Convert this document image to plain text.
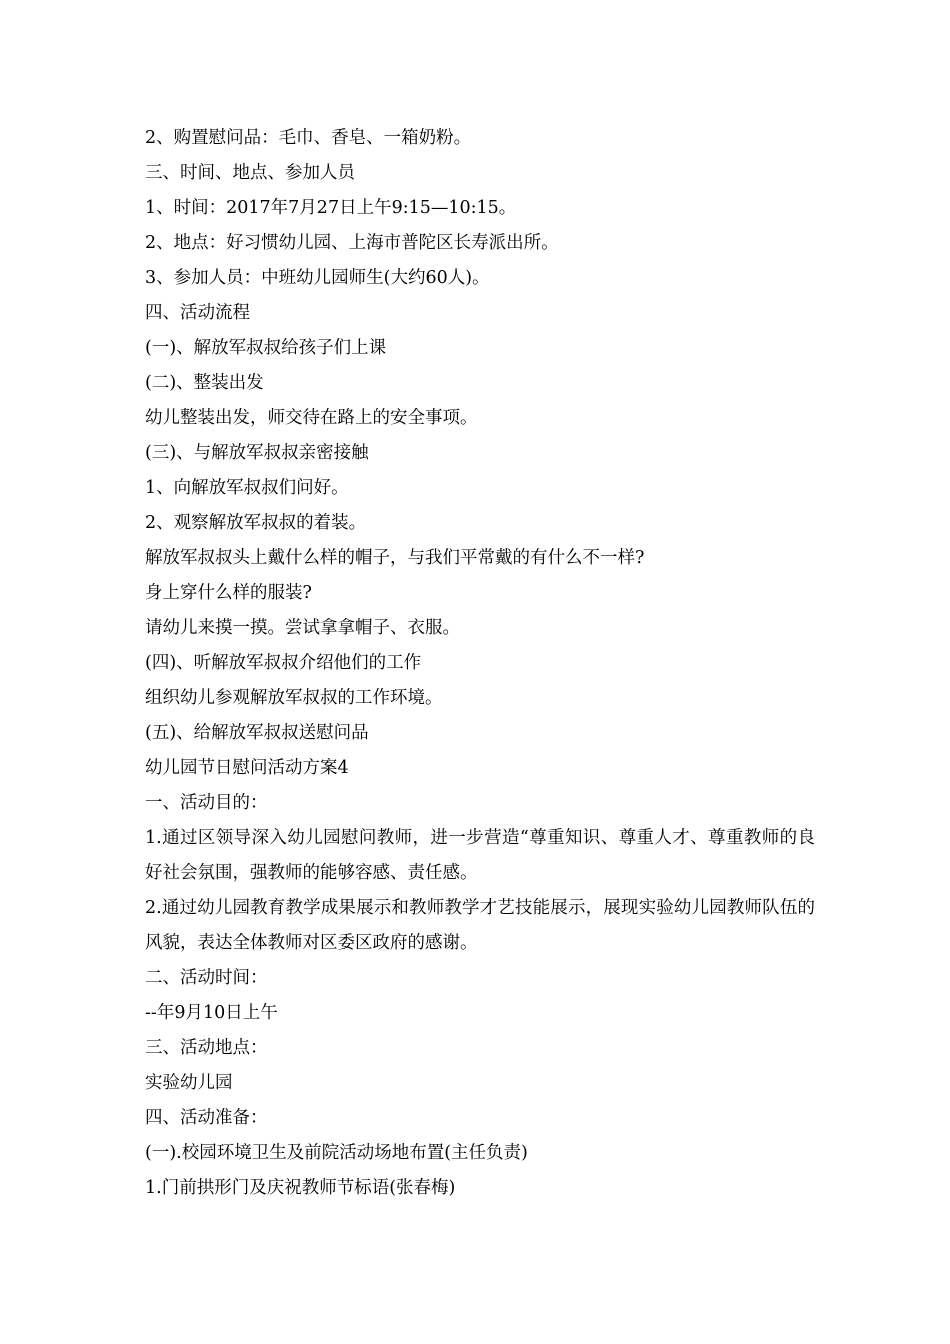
2、购置慰问品：毛巾、香皂、一箱奶粉。
三、时间、地点、参加人员
1、时间：2017年7月27日上午9:15—10:15。
2、地点：好习惯幼儿园、上海市普陀区长寿派出所。
3、参加人员：中班幼儿园师生(大约60人)。
四、活动流程
(一)、解放军叔叔给孩子们上课
(二)、整装出发
幼儿整装出发，师交待在路上的安全事项。
(三)、与解放军叔叔亲密接触
1、向解放军叔叔们问好。
2、观察解放军叔叔的着装。
解放军叔叔头上戴什么样的帽子，与我们平常戴的有什么不一样?
身上穿什么样的服装?
请幼儿来摸一摸。尝试拿拿帽子、衣服。
(四)、听解放军叔叔介绍他们的工作
组织幼儿参观解放军叔叔的工作环境。
(五)、给解放军叔叔送慰问品
幼儿园节日慰问活动方案4
一、活动目的：
1.通过区领导深入幼儿园慰问教师，进一步营造“尊重知识、尊重人才、尊重教师的良好社会氛围，强教师的能够容感、责任感。
2.通过幼儿园教育教学成果展示和教师教学才艺技能展示，展现实验幼儿园教师队伍的风貌，表达全体教师对区委区政府的感谢。
二、活动时间：
--年9月10日上午
三、活动地点：
实验幼儿园
四、活动准备：
(一).校园环境卫生及前院活动场地布置(主任负责)
1.门前拱形门及庆祝教师节标语(张春梅)
